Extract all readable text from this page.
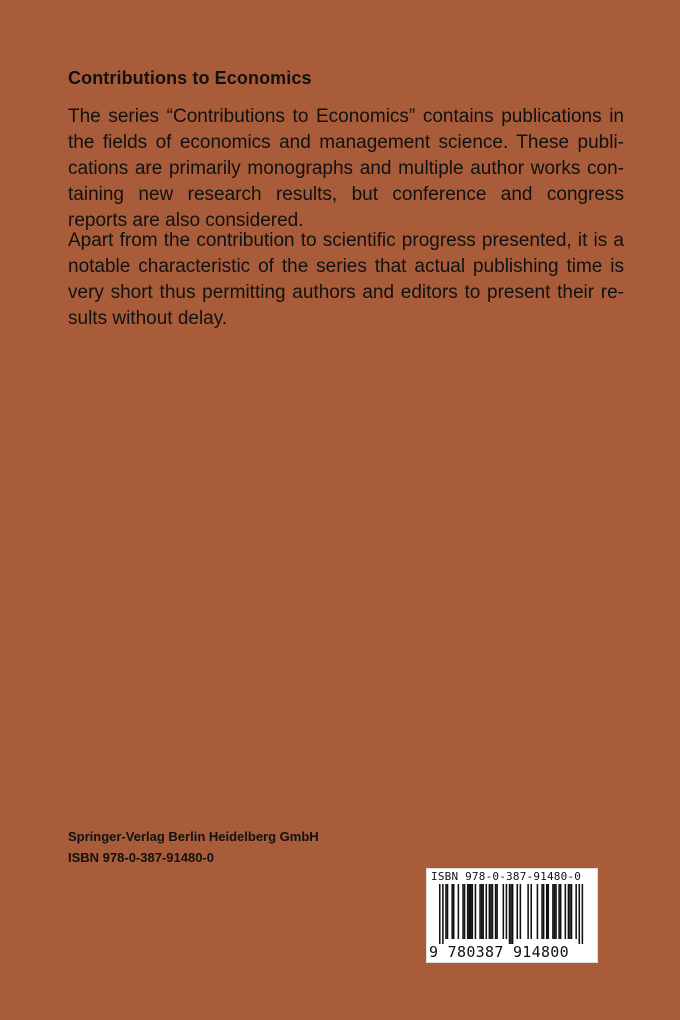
Contributions to Economics

The series “Contributions to Economics” contains publications in the fields of economics and management science. These publications are primarily monographs and multiple author works containing new research results, but conference and congress reports are also considered.

Apart from the contribution to scientific progress presented, it is a notable characteristic of the series that actual publishing time is very short thus permitting authors and editors to present their results without delay.

Springer-Verlag Berlin Heidelberg GmbH

ISBN 978-0-387-91480-0

ISBN 978-0-387-91480-0
9 780387 914800
